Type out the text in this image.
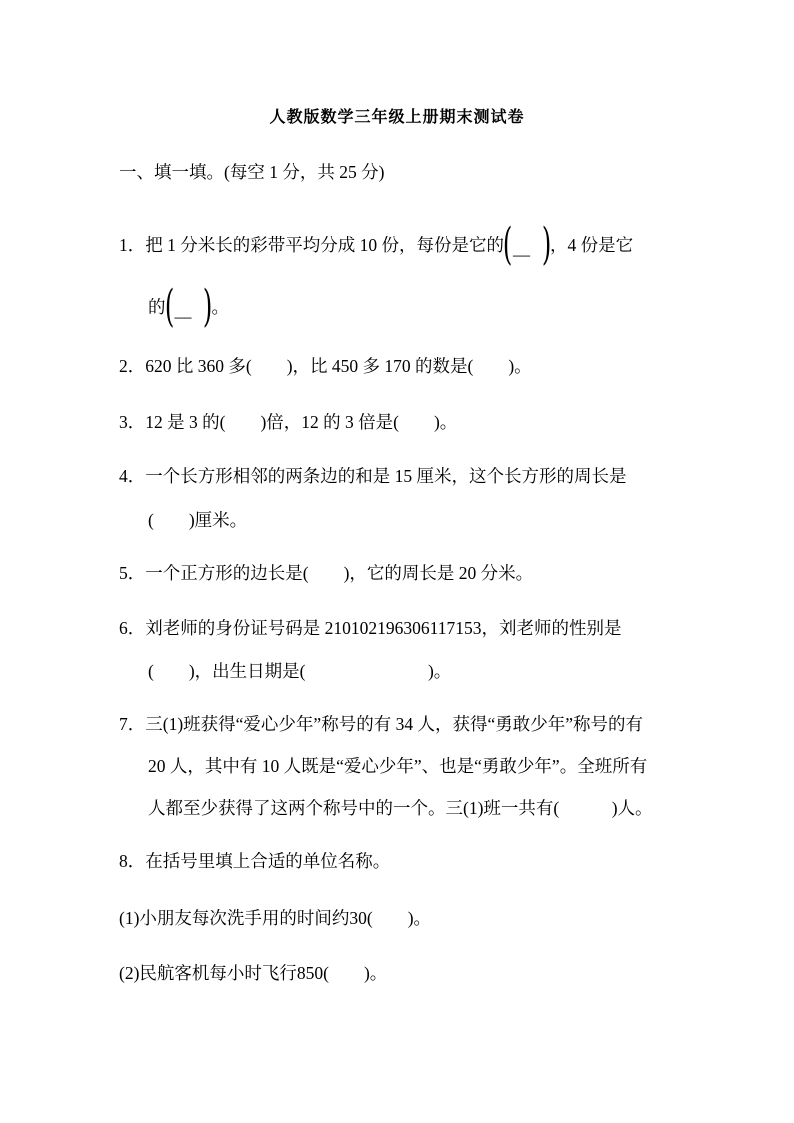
人教版数学三年级上册期末测试卷
一、填一填。(每空 1 分，共 25 分)
1．把 1 分米长的彩带平均分成 10 份，每份是它的
( — )
，4 份是它
的
( — )
。
2．620 比 360 多(　　)，比 450 多 170 的数是(　　)。
3．12 是 3 的(　　)倍，12 的 3 倍是(　　)。
4．一个长方形相邻的两条边的和是 15 厘米，这个长方形的周长是
(　　)厘米。
5．一个正方形的边长是(　　)，它的周长是 20 分米。
6．刘老师的身份证号码是 210102196306117153，刘老师的性别是
(　　)，出生日期是(　　　　　　　)。
7．三(1)班获得“爱心少年”称号的有 34 人，获得“勇敢少年”称号的有
20 人，其中有 10 人既是“爱心少年”、也是“勇敢少年”。全班所有
人都至少获得了这两个称号中的一个。三(1)班一共有(　　　)人。
8．在括号里填上合适的单位名称。
(1)小朋友每次洗手用的时间约30(　　)。
(2)民航客机每小时飞行850(　　)。
